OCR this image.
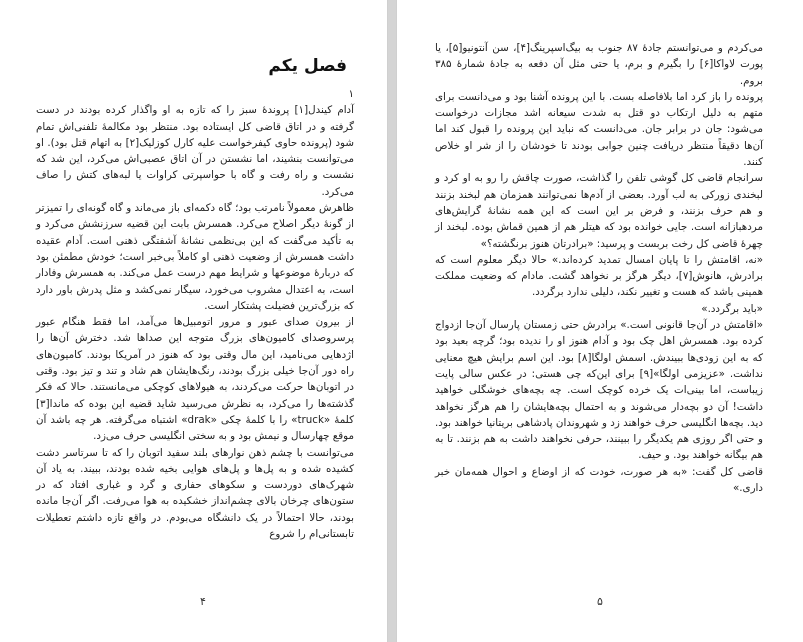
فصل یکم

۱

آدام کیندل[۱] پرونده‌ٔ سبز را که تازه به او واگذار کرده بودند در دست گرفته و در اتاق قاضی کل ایستاده بود. منتظر بود مکالمهٔ تلفنی‌اش تمام شود (پرونده حاوی کیفرخواست علیه کارل کوزلیک[۲] به اتهام قتل بود). او می‌توانست بنشیند، اما نشستن در آن اتاق عصبی‌اش می‌کرد، این شد که نشست و راه رفت و گاه با حواسپرتی کراوات یا لبه‌های کتش را صاف می‌کرد.

ظاهرش معمولاً نامرتب بود؛ گاه دکمه‌ای باز می‌ماند و گاه گونه‌ای را تمیزتر از گونهٔ دیگر اصلاح می‌کرد. همسرش بابت این قضیه سرزنشش می‌کرد و به تأکید می‌گفت که این بی‌نظمی نشانهٔ آشفتگی ذهنی است. آدام عقیده داشت همسرش از وضعیت ذهنی او کاملاً بی‌خبر است؛ خودش مطمئن بود که دربارهٔ موضوعها و شرایط مهم درست عمل می‌کند. به همسرش وفادار است، به اعتدال مشروب می‌خورد، سیگار نمی‌کشد و مثل پدرش باور دارد که بزرگ‌ترین فضیلت پشتکار است.

از بیرون صدای عبور و مرور اتومبیل‌ها می‌آمد، اما فقط هنگام عبور پرسروصدای کامیون‌های بزرگ متوجه این صداها شد. دخترش آن‌ها را اژدهایی می‌نامید، این مال وقتی بود که هنوز در آمریکا بودند. کامیون‌های راه دور آن‌جا خیلی بزرگ بودند، رنگ‌هایشان هم شاد و تند و تیز بود. وقتی در اتوبان‌ها حرکت می‌کردند، به هیولاهای کوچکی می‌مانستند. حالا که فکر گذشته‌ها را می‌کرد، به نظرش می‌رسید شاید قضیه این بوده که ماندا[۳] کلمهٔ «truck» را با کلمهٔ چکی «drak» اشتباه می‌گرفته. هر چه باشد آن موقع چهارسال و نیمش بود و به سختی انگلیسی حرف می‌زد.

می‌توانست با چشم ذهن نوارهای بلند سفید اتوبان را که تا سرتاسر دشت کشیده شده و به پل‌ها و پل‌های هوایی بخیه شده بودند، ببیند. به یاد آن شهرک‌های دوردست و سکوهای حفاری و گرد و غباری افتاد که در ستون‌های چرخان بالای چشم‌انداز خشکیده به هوا می‌رفت. اگر آن‌جا مانده بودند، حالا احتمالاً در یک دانشگاه می‌بودم. در واقع تازه داشتم تعطیلات تابستانی‌ام را شروع

۴

می‌کردم و می‌توانستم جادهٔ ۸۷ جنوب به بیگ‌اسپرینگ[۴]، سن آنتونیو[۵]، یا پورت لاواکا[۶] را بگیرم و برم، یا حتی مثل آن دفعه به جادهٔ شمارهٔ ۳۸۵ بروم.

پرونده را باز کرد اما بلافاصله بست. با این پرونده آشنا بود و می‌دانست برای متهم به دلیل ارتکاب دو قتل به شدت سیعانه اشد مجازات درخواست می‌شود: جان در برابر جان. می‌دانست که نباید این پرونده را قبول کند اما آن‌ها دقیقاً منتظر دریافت چنین جوابی بودند تا خودشان را از شر او خلاص کنند.

سرانجام قاضی کل گوشی تلفن را گذاشت، صورت چاقش را رو به او کرد و لبخندی زورکی به لب آورد. بعضی از آدم‌ها نمی‌توانند همزمان هم لبخند بزنند و هم حرف بزنند، و فرض بر این است که این همه نشانهٔ گرایش‌های مردهبازانه است. جایی خوانده بود که هیتلر هم از همین قماش بوده. لبخند از چهرهٔ قاضی کل رخت بربست و پرسید: «برادرتان هنوز برنگشته؟»

«نه، اقامتش را تا پایان امسال تمدید کرده‌اند.» حالا دیگر معلوم است که برادرش، هانوش[۷]، دیگر هرگز بر نخواهد گشت. مادام که وضعیت مملکت همینی باشد که هست و تغییر نکند، دلیلی ندارد برگردد.

«باید برگردد.»

«اقامتش در آن‌جا قانونی است.» برادرش حتی زمستان پارسال آن‌جا ازدواج کرده بود. همسرش اهل چک بود و آدام هنوز او را ندیده بود؛ گرچه بعید بود که به این زودی‌ها ببیندش. اسمش اولگا[۸] بود. این اسم برایش هیچ معنایی نداشت. «عزیزمی اولگا»[۹] برای این‌که چی هستی: در عکس سالی پایت زیباست، اما بینی‌ات یک خرده کوچک است. چه بچه‌های خوشگلی خواهید داشت! آن دو بچه‌دار می‌شوند و به احتمال بچه‌هایشان را هم هرگز نخواهد دید. بچه‌ها انگلیسی حرف خواهند زد و شهروندان پادشاهی بریتانیا خواهند بود. و حتی اگر روزی هم یکدیگر را ببینند، حرفی نخواهند داشت به هم بزنند. تا به هم بیگانه خواهند بود. و حیف.

قاضی کل گفت: «به هر صورت، خودت که از اوضاع و احوال همه‌مان خبر داری.»

۵
